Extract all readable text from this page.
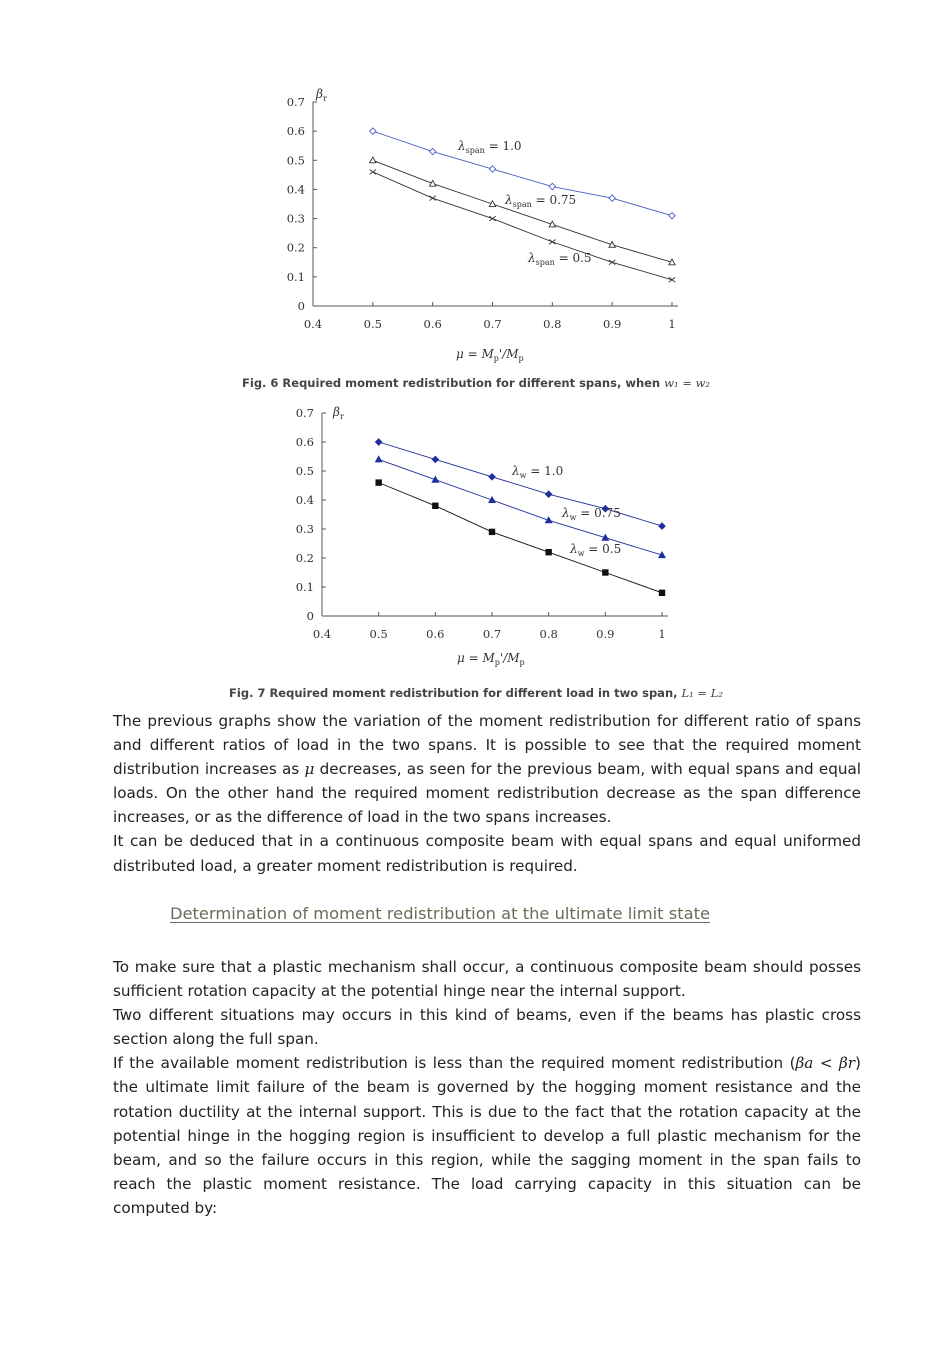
0
0.1
0.2
0.3
0.4
0.5
0.6
0.7
0.4	0.5	0.6	0.7	0.8	0.9	1
$\beta_r$
$\mu = M_p'/M_p$
$\lambda_{span} = 1.0$
$\lambda_{span} = 0.75$
$\lambda_{span} = 0.5$
Fig. 6 Required moment redistribution for different spans, when w₁ = w₂
0
0.1
0.2
0.3
0.4
0.5
0.6
0.7
0.4	0.5	0.6	0.7	0.8	0.9	1
$\beta_r$
$\mu = M_p'/M_p$
$\lambda_w = 1.0$
$\lambda_w = 0.75$
$\lambda_w = 0.5$
Fig. 7 Required moment redistribution for different load in two span, L₁ = L₂

The previous graphs show the variation of the moment redistribution for different ratio of spans and different ratios of load in the two spans. It is possible to see that the required moment distribution increases as μ decreases, as seen for the previous beam, with equal spans and equal loads. On the other hand the required moment redistribution decrease as the span difference increases, or as the difference of load in the two spans increases.

It can be deduced that in a continuous composite beam with equal spans and equal uniformed distributed load, a greater moment redistribution is required.

Determination of moment redistribution at the ultimate limit state

To make sure that a plastic mechanism shall occur, a continuous composite beam should posses sufficient rotation capacity at the potential hinge near the internal support.

Two different situations may occurs in this kind of beams, even if the beams has plastic cross section along the full span.

If the available moment redistribution is less than the required moment redistribution (βa < βr) the ultimate limit failure of the beam is governed by the hogging moment resistance and the rotation ductility at the internal support. This is due to the fact that the rotation capacity at the potential hinge in the hogging region is insufficient to develop a full plastic mechanism for the beam, and so the failure occurs in this region, while the sagging moment in the span fails to reach the plastic moment resistance. The load carrying capacity in this situation can be computed by:
